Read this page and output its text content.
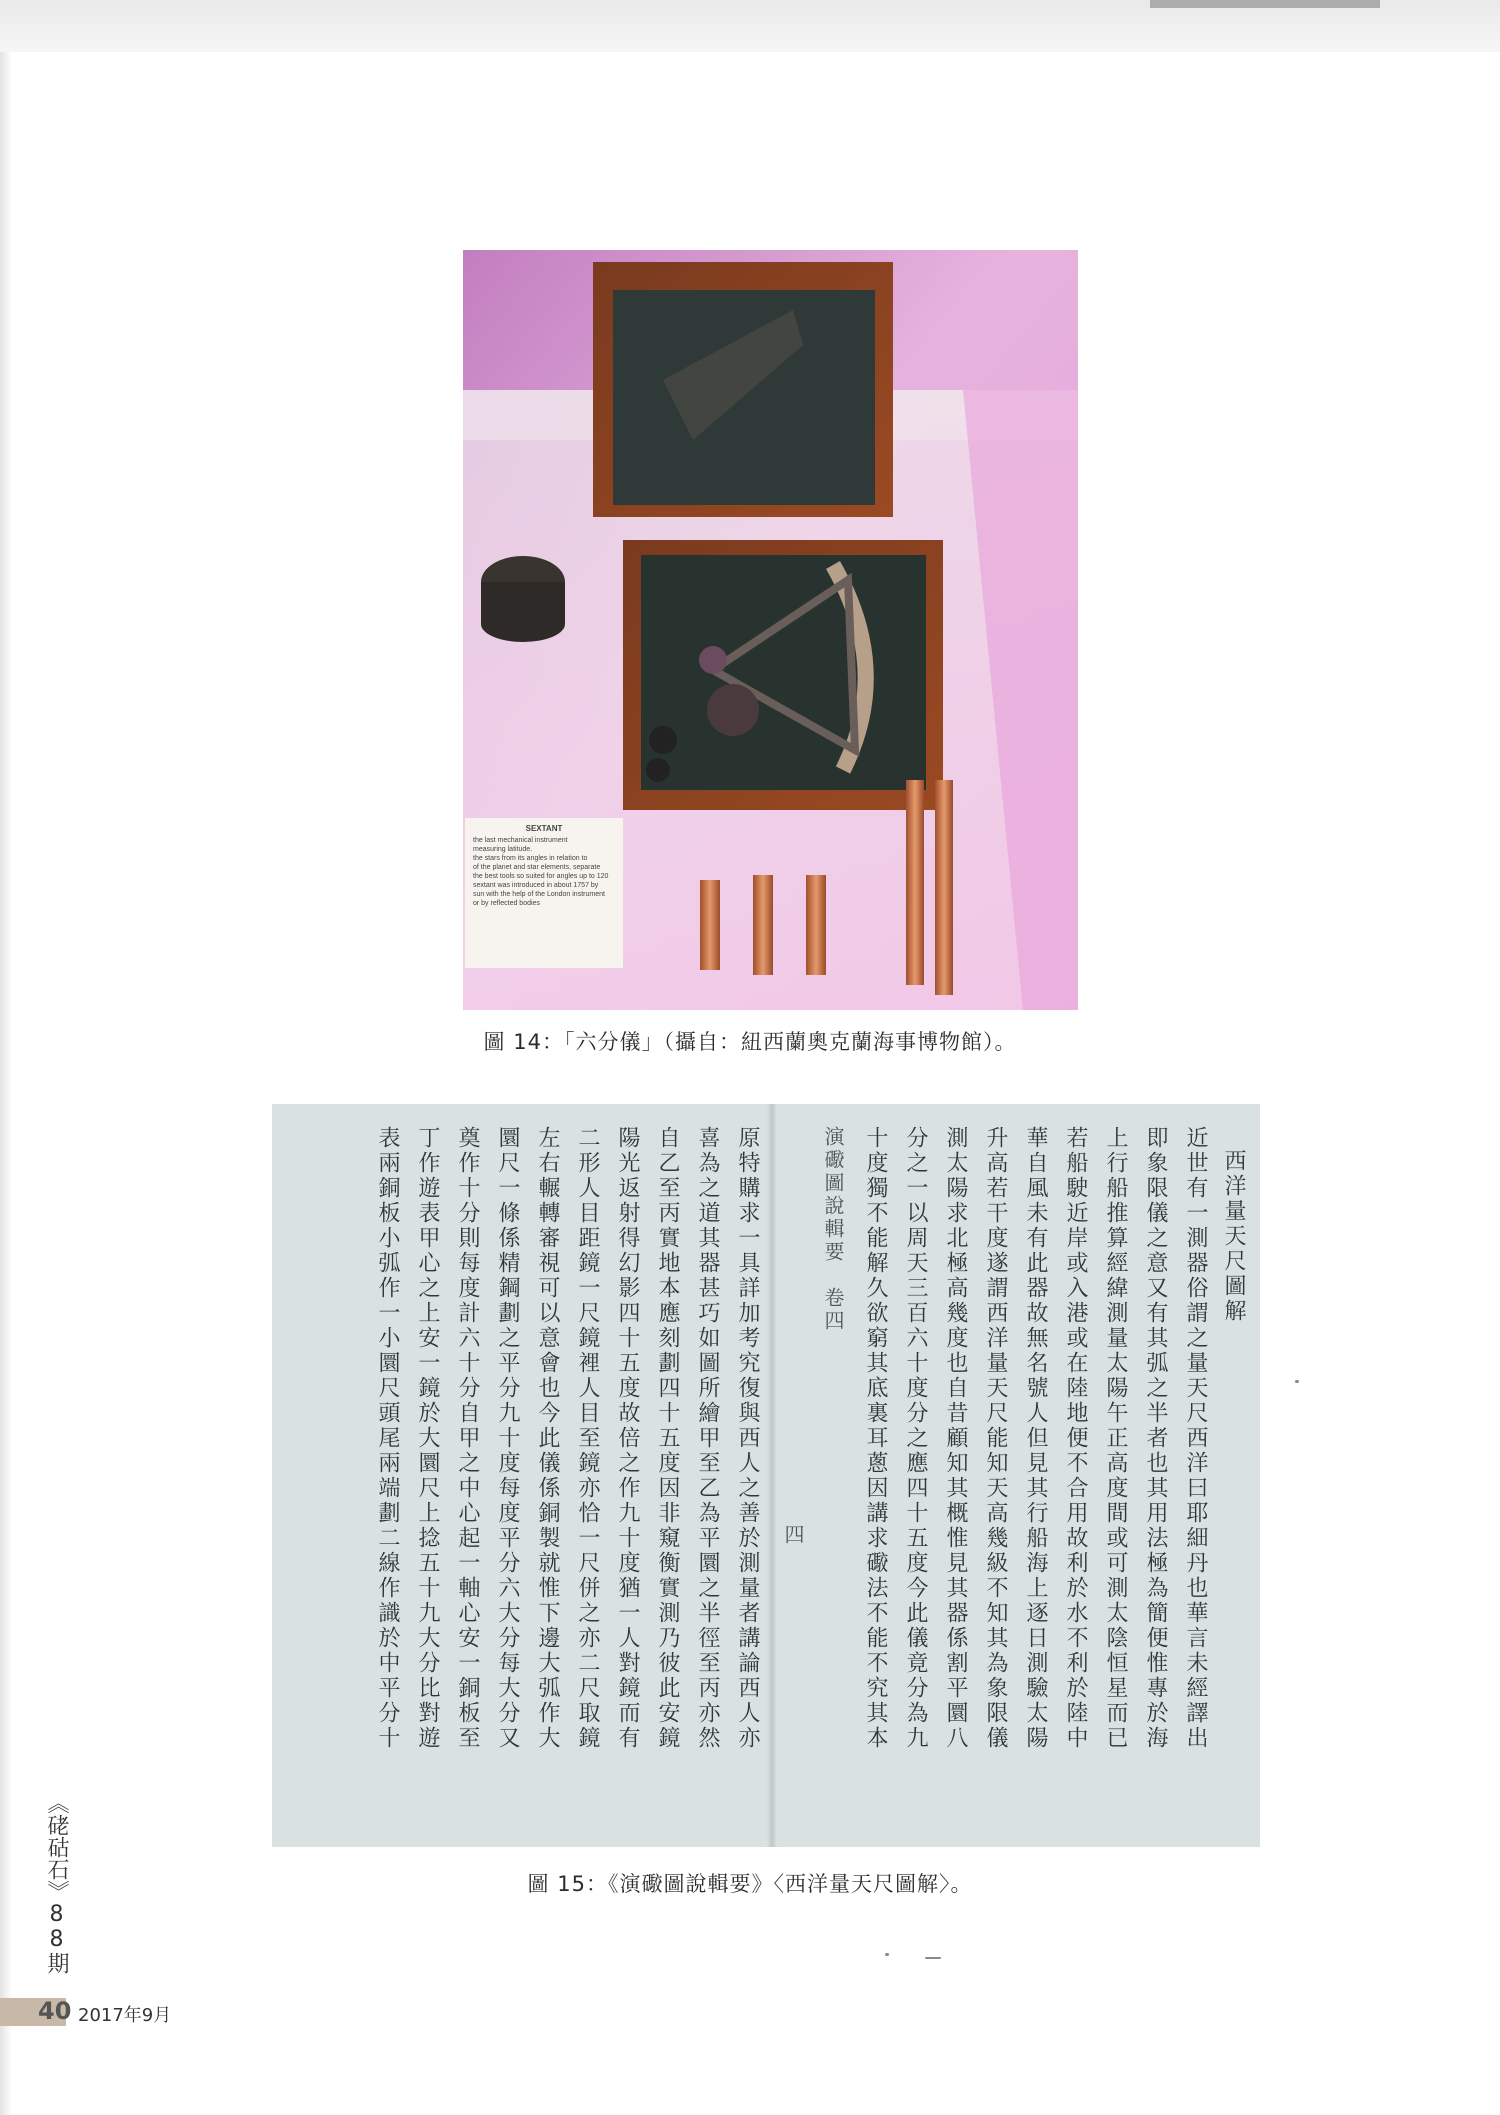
SEXTANT
the last mechanical instrument
measuring latitude.
the stars from its angles in relation to
of the planet and star elements, separate
the best tools so suited for angles up to 120
sextant was introduced in about 1757 by
sun with the help of the London instrument
or by reflected bodies
圖 14：「六分儀」（攝自：紐西蘭奧克蘭海事博物館）。
西洋量天尺圖解
近世有一測器俗謂之量天尺西洋曰耶細丹也華言未經譯出
即象限儀之意又有其弧之半者也其用法極為簡便惟專於海
上行船推算經緯測量太陽午正高度間或可測太陰恒星而已
若船駛近岸或入港或在陸地便不合用故利於水不利於陸中
華自風未有此器故無名號人但見其行船海上逐日測驗太陽
升高若干度遂謂西洋量天尺能知天高幾級不知其為象限儀
測太陽求北極高幾度也自昔顧知其概惟見其器係割平圜八
分之一以周天三百六十度分之應四十五度今此儀竟分為九
十度獨不能解久欲窮其底裏耳蔥因講求礮法不能不究其本
演礮圖說輯要　卷四
四
原特購求一具詳加考究復與西人之善於測量者講論西人亦
喜為之道其器甚巧如圖所繪甲至乙為平圜之半徑至丙亦然
自乙至丙實地本應刻劃四十五度因非窺衡實測乃彼此安鏡
陽光返射得幻影四十五度故倍之作九十度猶一人對鏡而有
二形人目距鏡一尺鏡裡人目至鏡亦恰一尺併之亦二尺取鏡
左右輾轉審視可以意會也今此儀係銅製就惟下邊大弧作大
圜尺一條係精鋼劃之平分九十度每度平分六大分每大分又
奠作十分則每度計六十分自甲之中心起一軸心安一銅板至
丁作遊表甲心之上安一鏡於大圜尺上捻五十九大分比對遊
表兩銅板小弧作一小圜尺頭尾兩端劃二線作識於中平分十
圖 15：《演礮圖說輯要》〈西洋量天尺圖解〉。
《硓𥑮石》88期
40 2017年9月
